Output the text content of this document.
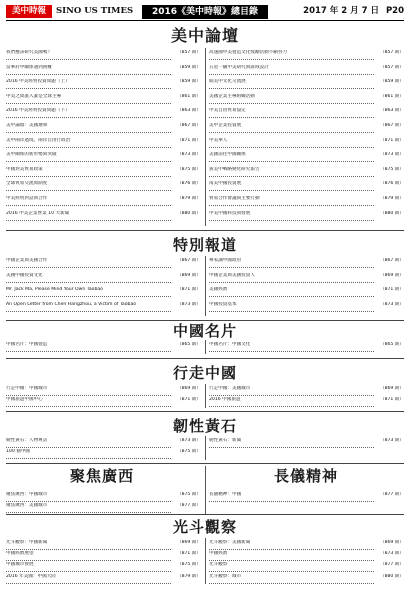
美中時報	SINO US TIMES	2016《美中時報》總目錄	2017 年 2 月 7 日 P20
美中論壇
我們應該研究美國嗎？	（857 期）
當華府中關係遇到困難	（859 期）
2016 中美經貿投資問題（上）	（859 期）
中美之間誰入誰是全球主導	（861 期）
2016 中美經貿投資問題（下）	（863 期）
美中論壇：美國選舉	（867 期）
美中兩岸過境。兩岸自由行政治	（871 期）
美中關係的新形勢與突破	（873 期）
中國對美貿易政策	（875 期）
全球貿易交流與制度	（876 期）
中美經貿對話與合作	（879 期）
2016 中美企業營業 10 大新聞	（880 期）
高速國中美製造文化獎勵活動不斷努力	（857 期）
五星一級中美研究與區域設計	（857 期）
開美中文化交流展	（859 期）
美國企業主導組織活動	（861 期）
中美自由貿易協定	（863 期）
美中企業投資展	（867 期）
中美華人	（871 期）
美國前往中國關係	（873 期）
黃美中戰略變化研究報告	（875 期）
南美中國投資展	（876 期）
貿易合作會議與主要行動	（879 期）
中美中國科技與發展	（880 期）
特別報道
中國企業與美國合作	（867 期）
美國中國投資文化	（869 期）
Mr. Jack Ma, Please Mind Your Own Taobao	（871 期）
An Open Letter from Chen Hangzhou, a Victim of Taobao	（873 期）
專家講中國政府	（867 期）
中國企業與美國投資人	（869 期）
美國經濟	（871 期）
中國投資基本	（873 期）
中國名片
中國名片：中國製造	（865 期） 中國名片：中國文化	（865 期）
行走中國
行走中國：中國城市	（869 期）
中國旅遊中國中心	（871 期）
行走中國：美國城市	（869 期）
2016 中國旅遊	（871 期）
韌性黃石
韌性黃石：人物專訪	（873 期）
100 個中國	（875 期）
韌性黃石：新聞	（873 期）
聚焦廣西	長儀精神
聚焦廣西：中國城市	（875 期）
聚焦廣西：美國城市	（877 期）
長儀精神：中國	（877 期）
光斗觀察
光斗觀察：中國新聞	（869 期）
中國經濟展望	（871 期）
中國城市發展	（875 期）
2016 年美國：中國大陸	（879 期）
光斗觀察：美國新聞	（869 期）
中國經濟	（873 期）
光斗觀察	（877 期）
光斗觀察：城市	（880 期）
